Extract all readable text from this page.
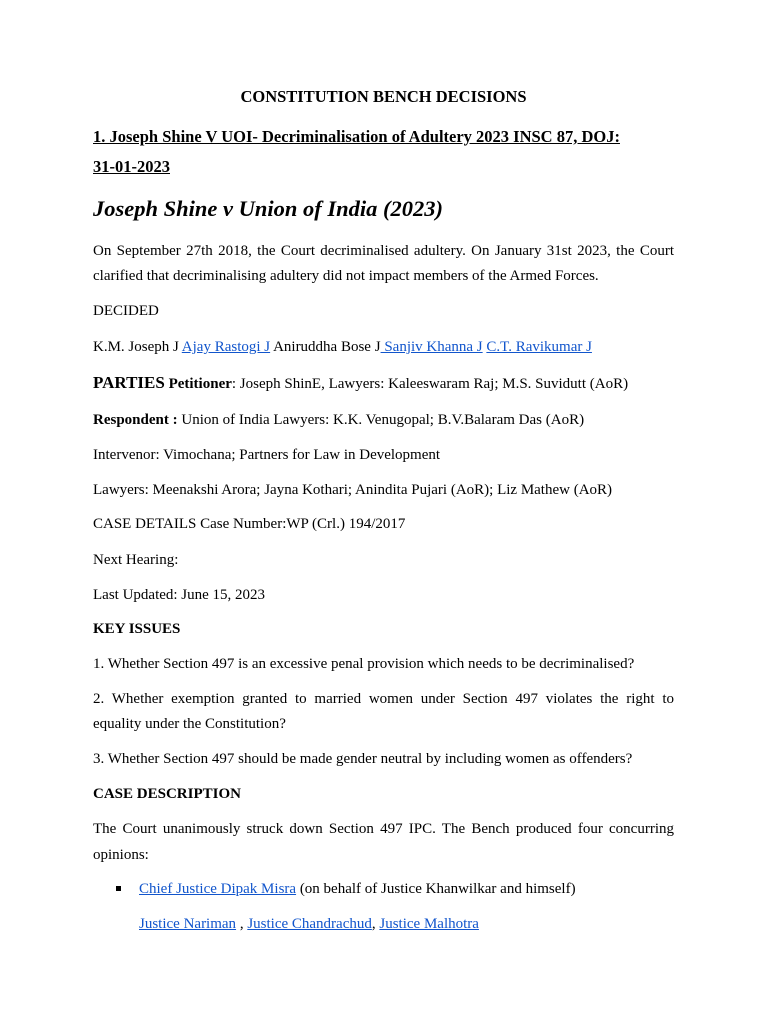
CONSTITUTION BENCH DECISIONS
1. Joseph Shine V UOI- Decriminalisation of Adultery 2023 INSC 87, DOJ:
31-01-2023
Joseph Shine v Union of India (2023)
On September 27th 2018, the Court decriminalised adultery. On January 31st 2023, the Court
clarified that decriminalising adultery did not impact members of the Armed Forces.
DECIDED
K.M. Joseph J Ajay Rastogi J Aniruddha Bose J Sanjiv Khanna J C.T. Ravikumar J
PARTIES Petitioner: Joseph ShinE, Lawyers: Kaleeswaram Raj; M.S. Suvidutt (AoR)
Respondent : Union of India Lawyers: K.K. Venugopal; B.V.Balaram Das (AoR)
Intervenor: Vimochana; Partners for Law in Development
Lawyers: Meenakshi Arora; Jayna Kothari; Anindita Pujari (AoR); Liz Mathew (AoR)
CASE DETAILS Case Number:WP (Crl.) 194/2017
Next Hearing:
Last Updated: June 15, 2023
KEY ISSUES
1. Whether Section 497 is an excessive penal provision which needs to be decriminalised?
2. Whether exemption granted to married women under Section 497 violates the right to
equality under the Constitution?
3. Whether Section 497 should be made gender neutral by including women as offenders?
CASE DESCRIPTION
The Court unanimously struck down Section 497 IPC. The Bench produced four concurring
opinions:
Chief Justice Dipak Misra (on behalf of Justice Khanwilkar and himself)
Justice Nariman , Justice Chandrachud, Justice Malhotra
